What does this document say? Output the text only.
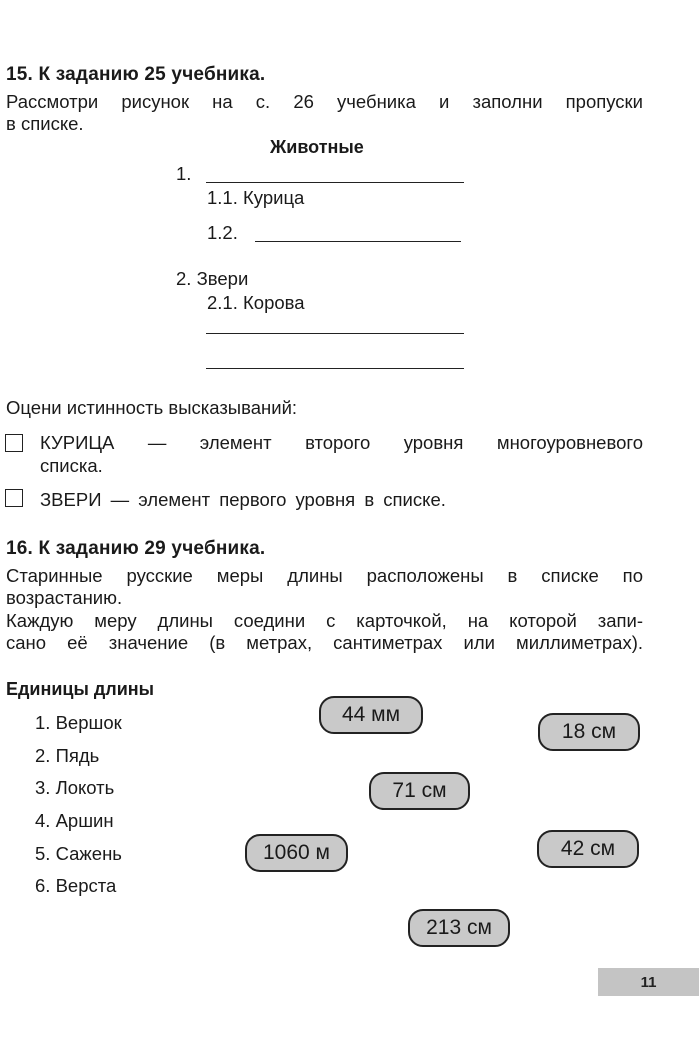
15. К заданию 25 учебника.
Рассмотри рисунок на с. 26 учебника и заполни пропуски
в списке.
Животные
1.
1.1. Курица
1.2.
2. Звери
2.1. Корова
Оцени истинность высказываний:
КУРИЦА — элемент второго уровня многоуровневого
списка.
ЗВЕРИ — элемент первого уровня в списке.
16. К заданию 29 учебника.
Старинные русские меры длины расположены в списке по
возрастанию.
Каждую меру длины соедини с карточкой, на которой запи-
сано её значение (в метрах, сантиметрах или миллиметрах).
Единицы длины
1. Вершок
2. Пядь
3. Локоть
4. Аршин
5. Сажень
6. Верста
44 мм
18 см
71 см
1060 м	42 см
213 см
11
